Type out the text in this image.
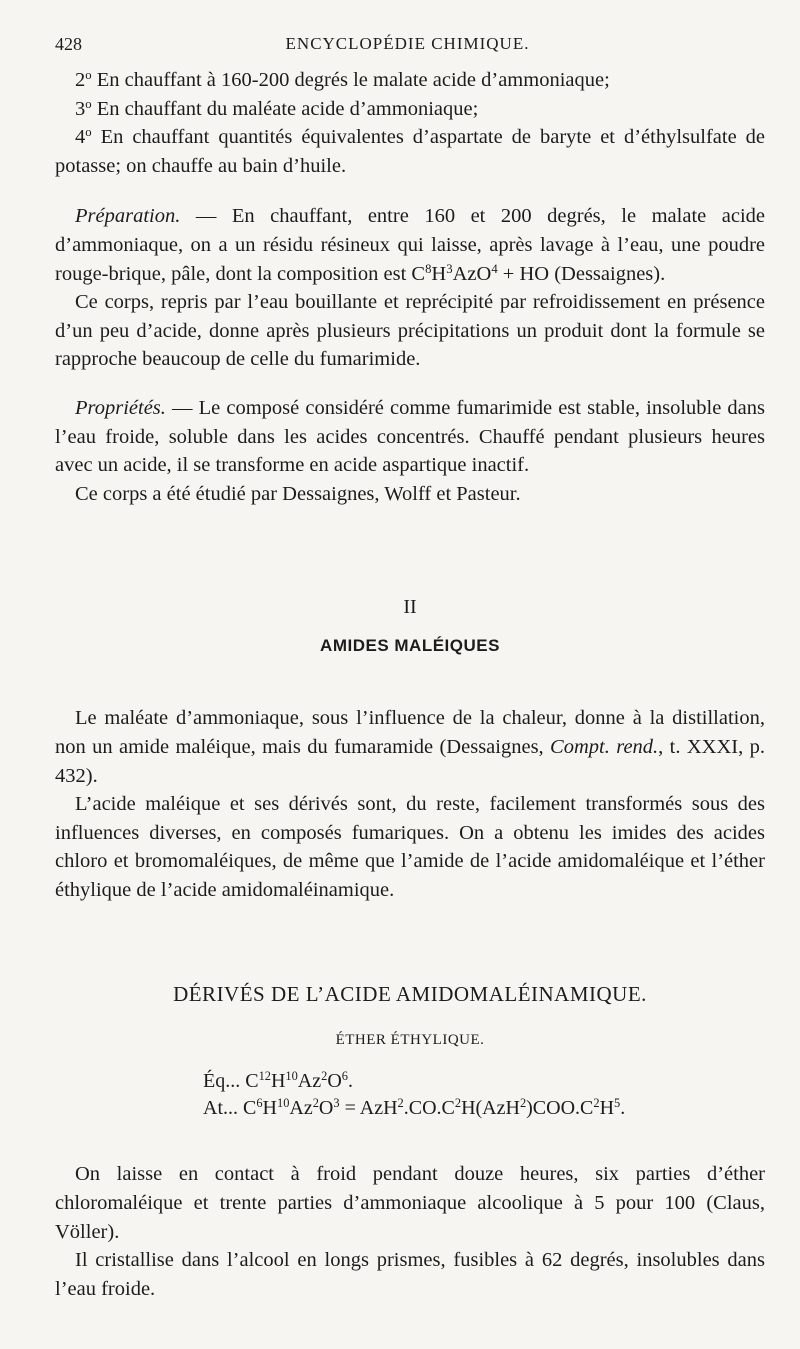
428	ENCYCLOPÉDIE CHIMIQUE.

2$^o$ En chauffant à 160-200 degrés le malate acide d’ammoniaque;

3$^o$ En chauffant du maléate acide d’ammoniaque;

4$^o$ En chauffant quantités équivalentes d’aspartate de baryte et d’éthylsulfate de potasse; on chauffe au bain d’huile.

Préparation. — En chauffant, entre 160 et 200 degrés, le malate acide d’ammoniaque, on a un résidu résineux qui laisse, après lavage à l’eau, une poudre rouge-brique, pâle, dont la composition est $C^8H^3AzO^4$ + HO (Dessaignes).

Ce corps, repris par l’eau bouillante et reprécipité par refroidissement en présence d’un peu d’acide, donne après plusieurs précipitations un produit dont la formule se rapproche beaucoup de celle du fumarimide.

Propriétés. — Le composé considéré comme fumarimide est stable, insoluble dans l’eau froide, soluble dans les acides concentrés. Chauffé pendant plusieurs heures avec un acide, il se transforme en acide aspartique inactif.

Ce corps a été étudié par Dessaignes, Wolff et Pasteur.

II
AMIDES MALÉIQUES

Le maléate d’ammoniaque, sous l’influence de la chaleur, donne à la distillation, non un amide maléique, mais du fumaramide (Dessaignes, Compt. rend., t. XXXI, p. 432).

L’acide maléique et ses dérivés sont, du reste, facilement transformés sous des influences diverses, en composés fumariques. On a obtenu les imides des acides chloro et bromomaléiques, de même que l’amide de l’acide amidomaléique et l’éther éthylique de l’acide amidomaléinamique.

DÉRIVÉS DE L’ACIDE AMIDOMALÉINAMIQUE.
ÉTHER ÉTHYLIQUE.
Éq... $C^{12}H^{10}Az^2O^6$.
At... $C^6H^{10}Az^2O^3 = AzH^2.CO.C^2H(AzH^2)COO.C^2H^5$.

On laisse en contact à froid pendant douze heures, six parties d’éther chloromaléique et trente parties d’ammoniaque alcoolique à 5 pour 100 (Claus, Völler).

Il cristallise dans l’alcool en longs prismes, fusibles à 62 degrés, insolubles dans l’eau froide.
